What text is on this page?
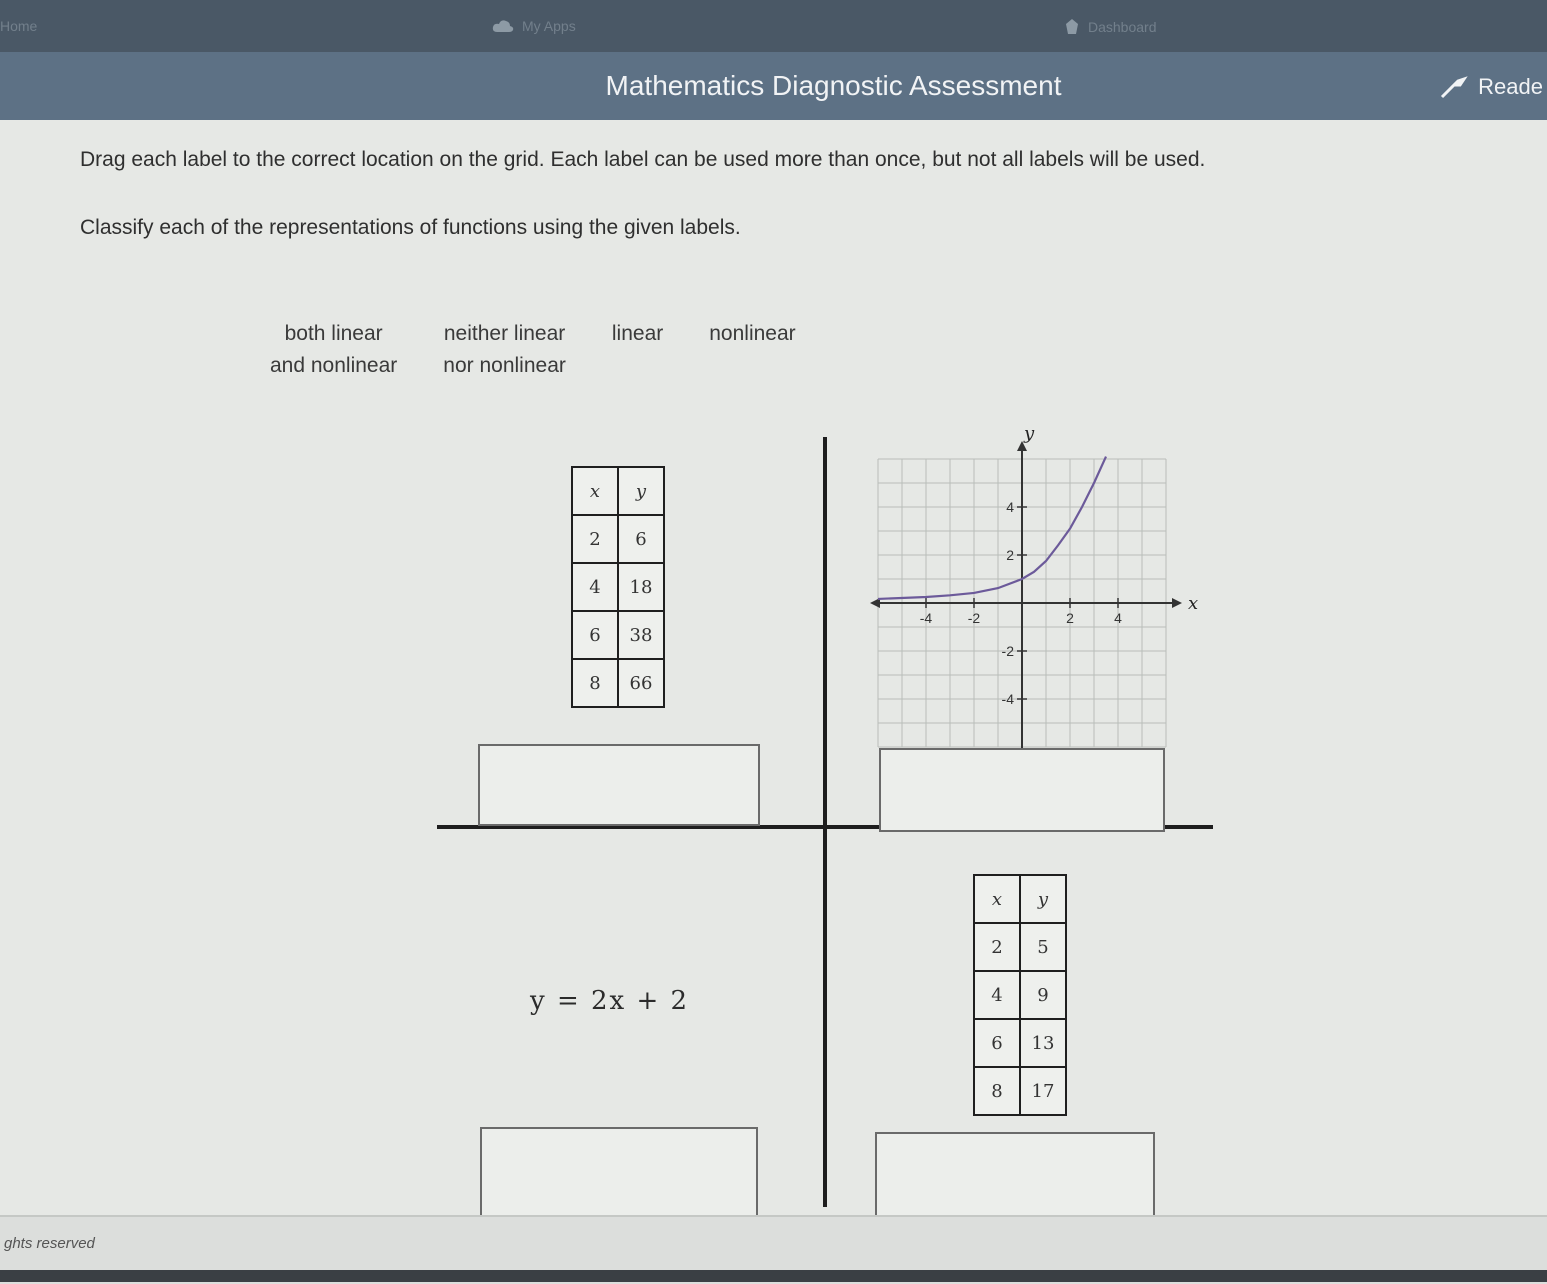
Home	My Apps	Dashboard
Mathematics Diagnostic Assessment	Reade
Drag each label to the correct location on the grid. Each label can be used more than once, but not all labels will be used.
Classify each of the representations of functions using the given labels.
both linear
and nonlinear
neither linear
nor nonlinear
linear nonlinear
x	y
2	6
4	18
6	38
8	66
-4	-2	2	4
4
2
-2
-4
x
y
x	y
2	5
4	9
6	13
8	17
y = 2x + 2
ghts reserved
